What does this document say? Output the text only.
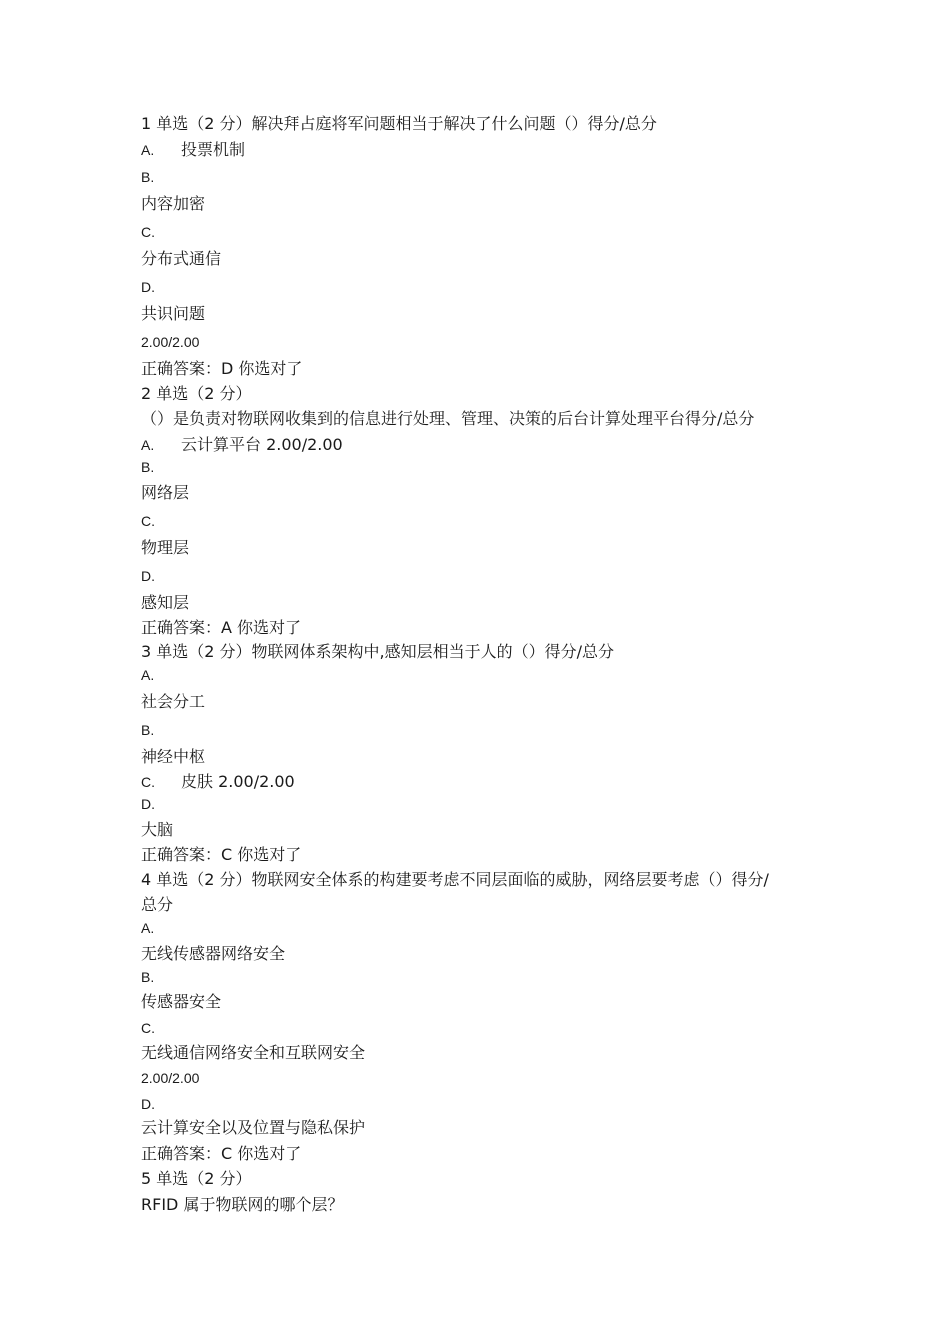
1 单选（2 分）解决拜占庭将军问题相当于解决了什么问题（）得分/总分
A. 投票机制
B.
内容加密
C.
分布式通信
D.
共识问题
2.00/2.00
正确答案：D 你选对了
2 单选（2 分）
（）是负责对物联网收集到的信息进行处理、管理、决策的后台计算处理平台得分/总分
A. 云计算平台 2.00/2.00
B.
网络层
C.
物理层
D.
感知层
正确答案：A 你选对了
3 单选（2 分）物联网体系架构中,感知层相当于人的（）得分/总分
A.
社会分工
B.
神经中枢
C. 皮肤 2.00/2.00
D.
大脑
正确答案：C 你选对了
4 单选（2 分）物联网安全体系的构建要考虑不同层面临的威胁，网络层要考虑（）得分/
总分
A.
无线传感器网络安全
B.
传感器安全
C.
无线通信网络安全和互联网安全
2.00/2.00
D.
云计算安全以及位置与隐私保护
正确答案：C 你选对了
5 单选（2 分）
RFID 属于物联网的哪个层？
